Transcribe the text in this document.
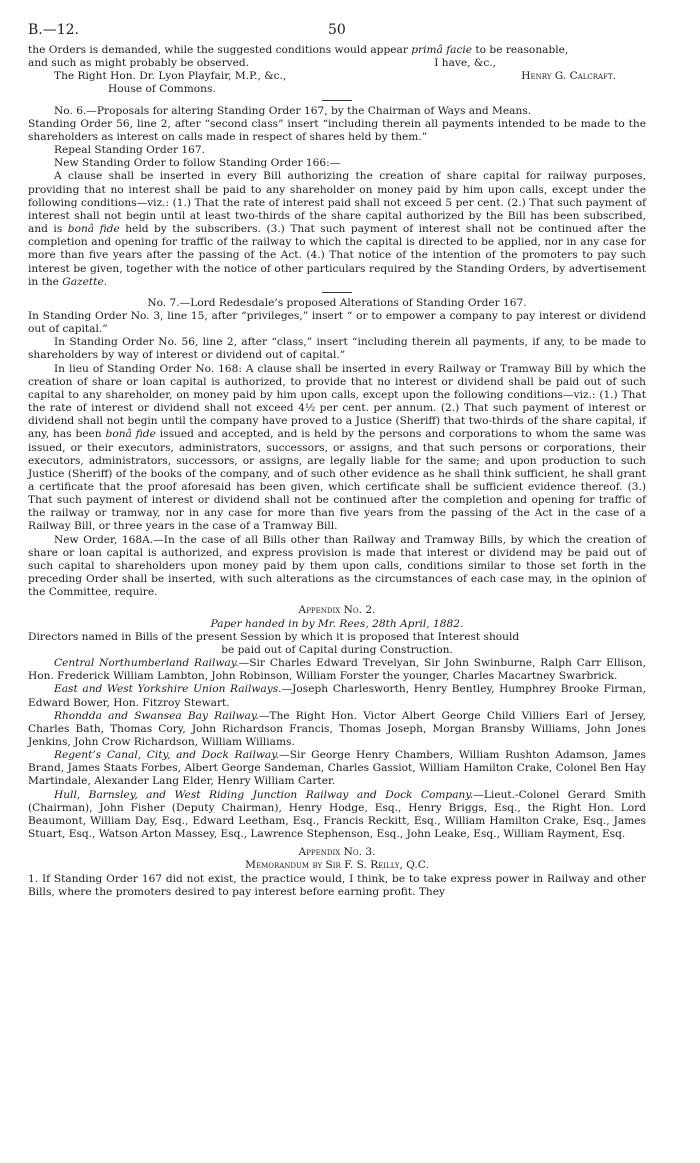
B.—12.	50

the Orders is demanded, while the suggested conditions would appear primâ facie to be reasonable,

and such as might probably be observed.	I have, &c.,

The Right Hon. Dr. Lyon Playfair, M.P., &c.,	Henry G. Calcraft.

House of Commons.

No. 6.—Proposals for altering Standing Order 167, by the Chairman of Ways and Means.

Standing Order 56, line 2, after “second class” insert “including therein all payments intended to be made to the shareholders as interest on calls made in respect of shares held by them.”

Repeal Standing Order 167.

New Standing Order to follow Standing Order 166:—

A clause shall be inserted in every Bill authorizing the creation of share capital for railway purposes, providing that no interest shall be paid to any shareholder on money paid by him upon calls, except under the following conditions—viz.: (1.) That the rate of interest paid shall not exceed 5 per cent. (2.) That such payment of interest shall not begin until at least two-thirds of the share capital authorized by the Bill has been subscribed, and is bonâ fide held by the subscribers. (3.) That such payment of interest shall not be continued after the completion and opening for traffic of the railway to which the capital is directed to be applied, nor in any case for more than five years after the passing of the Act. (4.) That notice of the intention of the promoters to pay such interest be given, together with the notice of other particulars required by the Standing Orders, by advertisement in the Gazette.

No. 7.—Lord Redesdale’s proposed Alterations of Standing Order 167.

In Standing Order No. 3, line 15, after “privileges,” insert “ or to empower a company to pay interest or dividend out of capital.”

In Standing Order No. 56, line 2, after “class,” insert “including therein all payments, if any, to be made to shareholders by way of interest or dividend out of capital.”

In lieu of Standing Order No. 168: A clause shall be inserted in every Railway or Tramway Bill by which the creation of share or loan capital is authorized, to provide that no interest or dividend shall be paid out of such capital to any shareholder, on money paid by him upon calls, except upon the following conditions—viz.: (1.) That the rate of interest or dividend shall not exceed 4½ per cent. per annum. (2.) That such payment of interest or dividend shall not begin until the company have proved to a Justice (Sheriff) that two-thirds of the share capital, if any, has been bonâ fide issued and accepted, and is held by the persons and corporations to whom the same was issued, or their executors, administrators, successors, or assigns, and that such persons or corporations, their executors, administrators, successors, or assigns, are legally liable for the same; and upon production to such Justice (Sheriff) of the books of the company, and of such other evidence as he shall think sufficient, he shall grant a certificate that the proof aforesaid has been given, which certificate shall be sufficient evidence thereof. (3.) That such payment of interest or dividend shall not be continued after the completion and opening for traffic of the railway or tramway, nor in any case for more than five years from the passing of the Act in the case of a Railway Bill, or three years in the case of a Tramway Bill.

New Order, 168A.—In the case of all Bills other than Railway and Tramway Bills, by which the creation of share or loan capital is authorized, and express provision is made that interest or dividend may be paid out of such capital to shareholders upon money paid by them upon calls, conditions similar to those set forth in the preceding Order shall be inserted, with such alterations as the circumstances of each case may, in the opinion of the Committee, require.

Appendix No. 2.

Paper handed in by Mr. Rees, 28th April, 1882.

Directors named in Bills of the present Session by which it is proposed that Interest should

be paid out of Capital during Construction.

Central Northumberland Railway.—Sir Charles Edward Trevelyan, Sir John Swinburne, Ralph Carr Ellison, Hon. Frederick William Lambton, John Robinson, William Forster the younger, Charles Macartney Swarbrick.

East and West Yorkshire Union Railways.—Joseph Charlesworth, Henry Bentley, Humphrey Brooke Firman, Edward Bower, Hon. Fitzroy Stewart.

Rhondda and Swansea Bay Railway.—The Right Hon. Victor Albert George Child Villiers Earl of Jersey, Charles Bath, Thomas Cory, John Richardson Francis, Thomas Joseph, Morgan Bransby Williams, John Jones Jenkins, John Crow Richardson, William Williams.

Regent’s Canal, City, and Dock Railway.—Sir George Henry Chambers, William Rushton Adamson, James Brand, James Staats Forbes, Albert George Sandeman, Charles Gassiot, William Hamilton Crake, Colonel Ben Hay Martindale, Alexander Lang Elder, Henry William Carter.

Hull, Barnsley, and West Riding Junction Railway and Dock Company.—Lieut.-Colonel Gerard Smith (Chairman), John Fisher (Deputy Chairman), Henry Hodge, Esq., Henry Briggs, Esq., the Right Hon. Lord Beaumont, William Day, Esq., Edward Leetham, Esq., Francis Reckitt, Esq., William Hamilton Crake, Esq., James Stuart, Esq., Watson Arton Massey, Esq., Lawrence Stephenson, Esq., John Leake, Esq., William Rayment, Esq.

Appendix No. 3.

Memorandum by Sir F. S. Reilly, Q.C.

1. If Standing Order 167 did not exist, the practice would, I think, be to take express power in Railway and other Bills, where the promoters desired to pay interest before earning profit. They
